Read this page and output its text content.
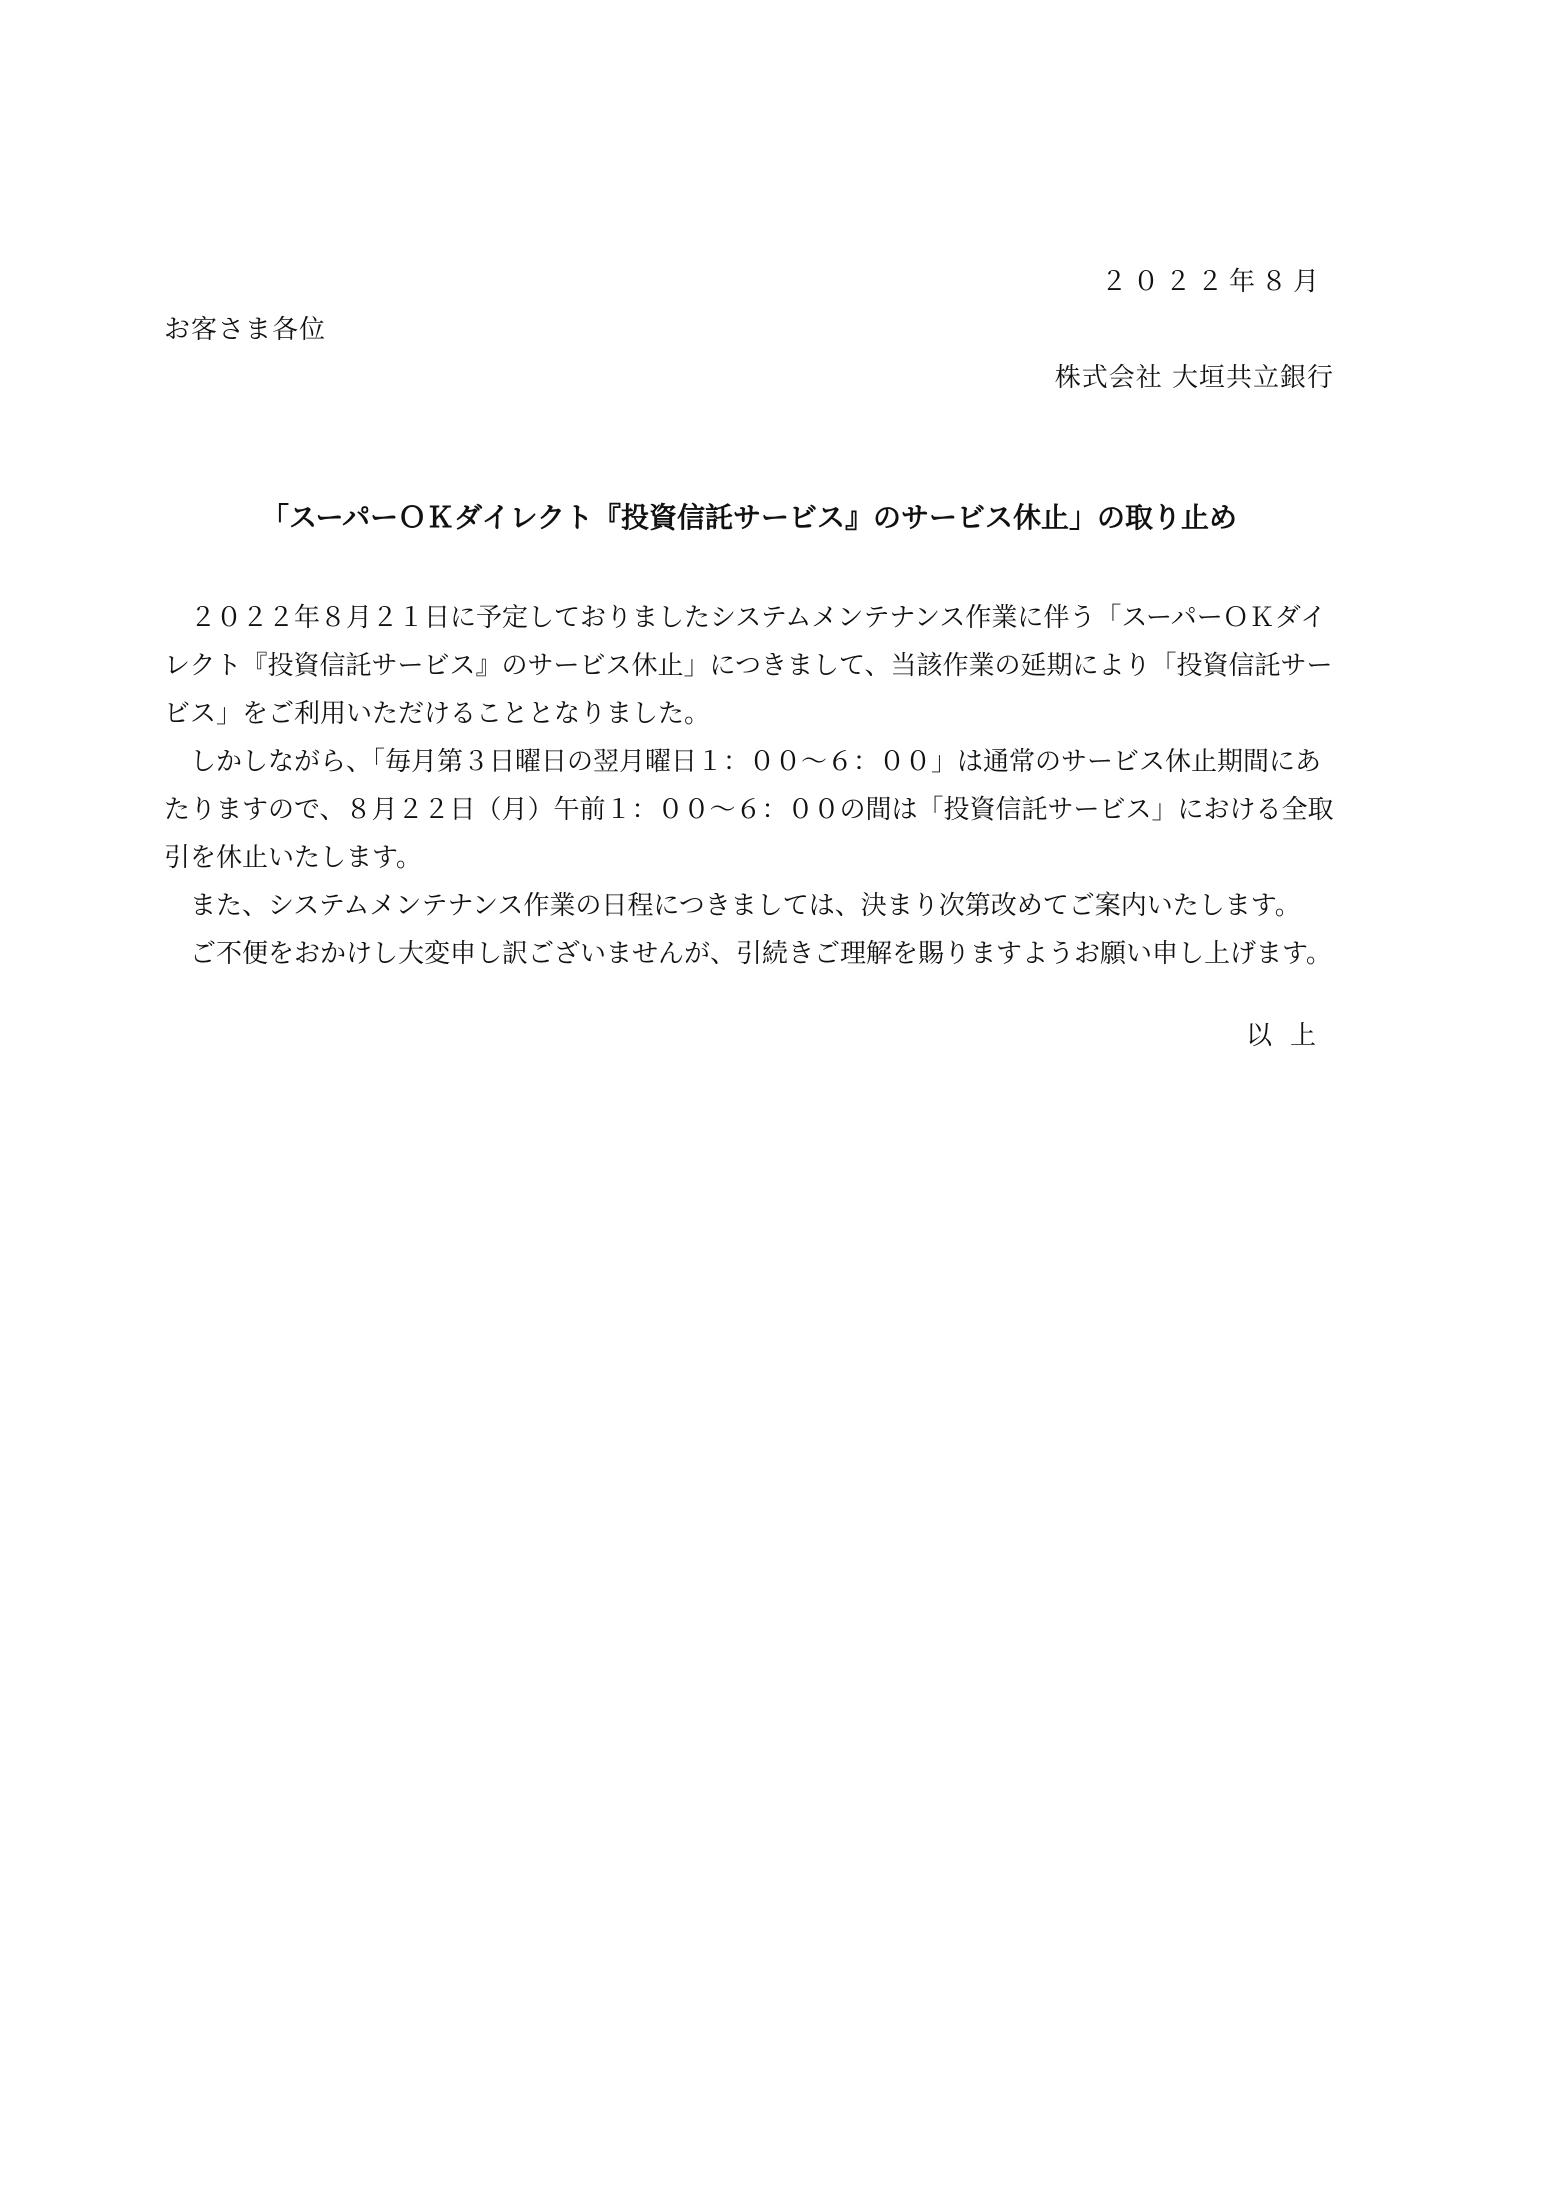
２０２２年８月
お客さま各位
株式会社 大垣共立銀行
「スーパーＯＫダイレクト『投資信託サービス』のサービス休止」の取り止め

２０２２年８月２１日に予定しておりましたシステムメンテナンス作業に伴う「スーパーＯＫダイレクト『投資信託サービス』のサービス休止」につきまして、当該作業の延期により「投資信託サービス」をご利用いただけることとなりました。

しかしながら、「毎月第３日曜日の翌月曜日１：００～６：００」は通常のサービス休止期間にあたりますので、８月２２日（月）午前１：００～６：００の間は「投資信託サービス」における全取引を休止いたします。

また、システムメンテナンス作業の日程につきましては、決まり次第改めてご案内いたします。

ご不便をおかけし大変申し訳ございませんが、引続きご理解を賜りますようお願い申し上げます。

以上
